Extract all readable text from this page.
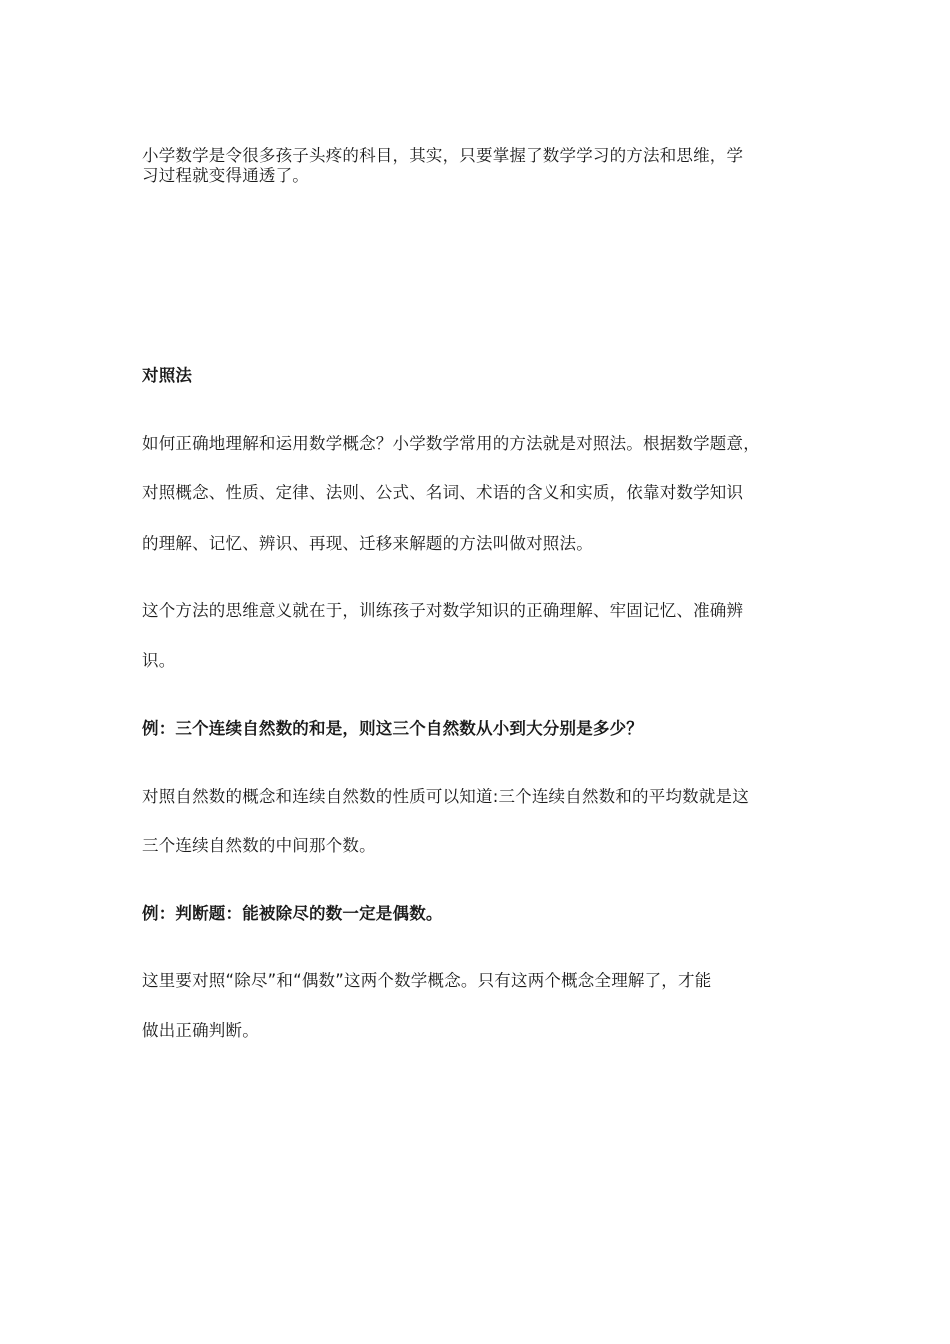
小学数学是令很多孩子头疼的科目，其实，只要掌握了数学学习的方法和思维，学
习过程就变得通透了。
对照法
如何正确地理解和运用数学概念？小学数学常用的方法就是对照法。根据数学题意，
对照概念、性质、定律、法则、公式、名词、术语的含义和实质，依靠对数学知识
的理解、记忆、辨识、再现、迁移来解题的方法叫做对照法。
这个方法的思维意义就在于，训练孩子对数学知识的正确理解、牢固记忆、准确辨
识。
例：三个连续自然数的和是，则这三个自然数从小到大分别是多少？
对照自然数的概念和连续自然数的性质可以知道:三个连续自然数和的平均数就是这
三个连续自然数的中间那个数。
例：判断题：能被除尽的数一定是偶数。
这里要对照“除尽”和“偶数”这两个数学概念。只有这两个概念全理解了，才能
做出正确判断。
